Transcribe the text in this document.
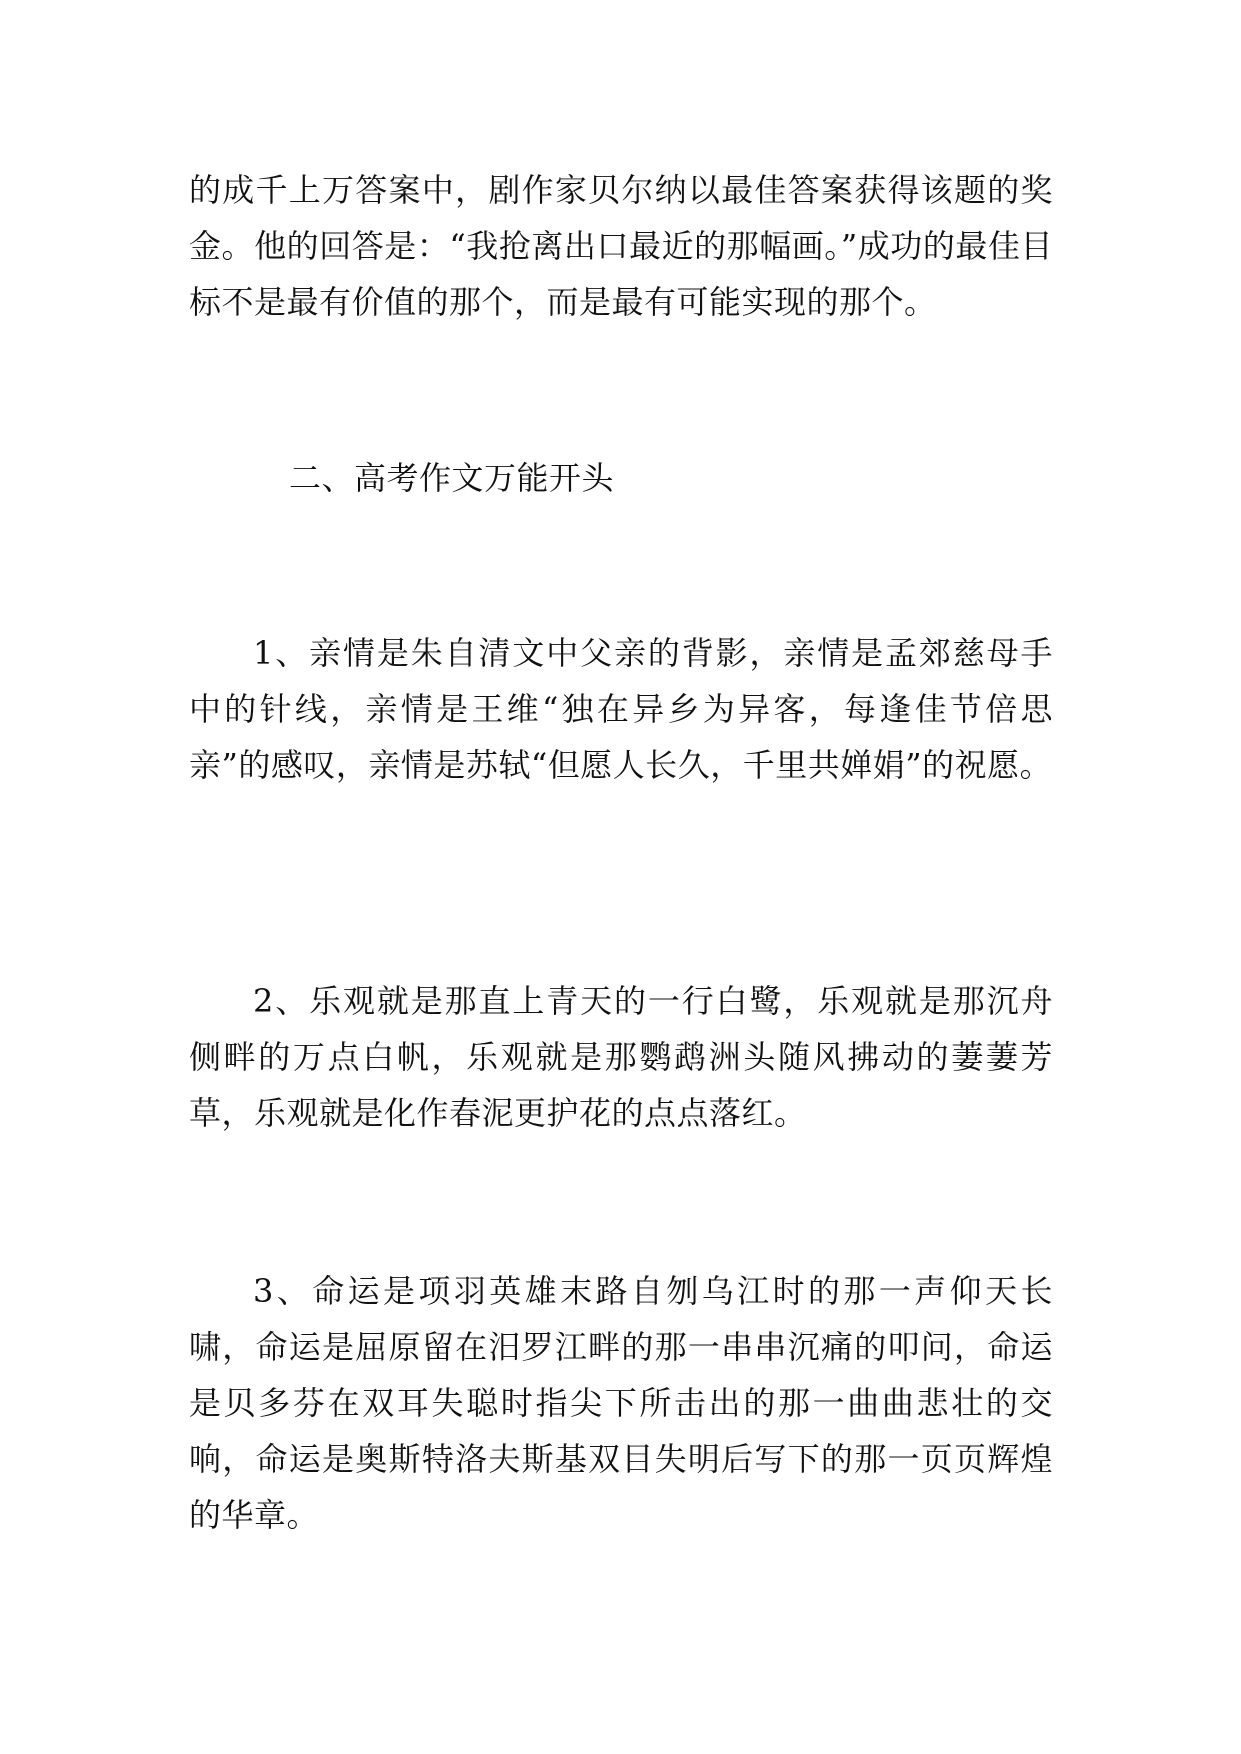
的成千上万答案中，剧作家贝尔纳以最佳答案获得该题的奖金。他的回答是：“我抢离出口最近的那幅画。”成功的最佳目标不是最有价值的那个，而是最有可能实现的那个。

二、高考作文万能开头

1、亲情是朱自清文中父亲的背影，亲情是孟郊慈母手中的针线，亲情是王维“独在异乡为异客，每逢佳节倍思亲”的感叹，亲情是苏轼“但愿人长久，千里共婵娟”的祝愿。

2、乐观就是那直上青天的一行白鹭，乐观就是那沉舟侧畔的万点白帆，乐观就是那鹦鹉洲头随风拂动的萋萋芳草，乐观就是化作春泥更护花的点点落红。

3、命运是项羽英雄末路自刎乌江时的那一声仰天长啸，命运是屈原留在汨罗江畔的那一串串沉痛的叩问，命运是贝多芬在双耳失聪时指尖下所击出的那一曲曲悲壮的交响，命运是奥斯特洛夫斯基双目失明后写下的那一页页辉煌的华章。
